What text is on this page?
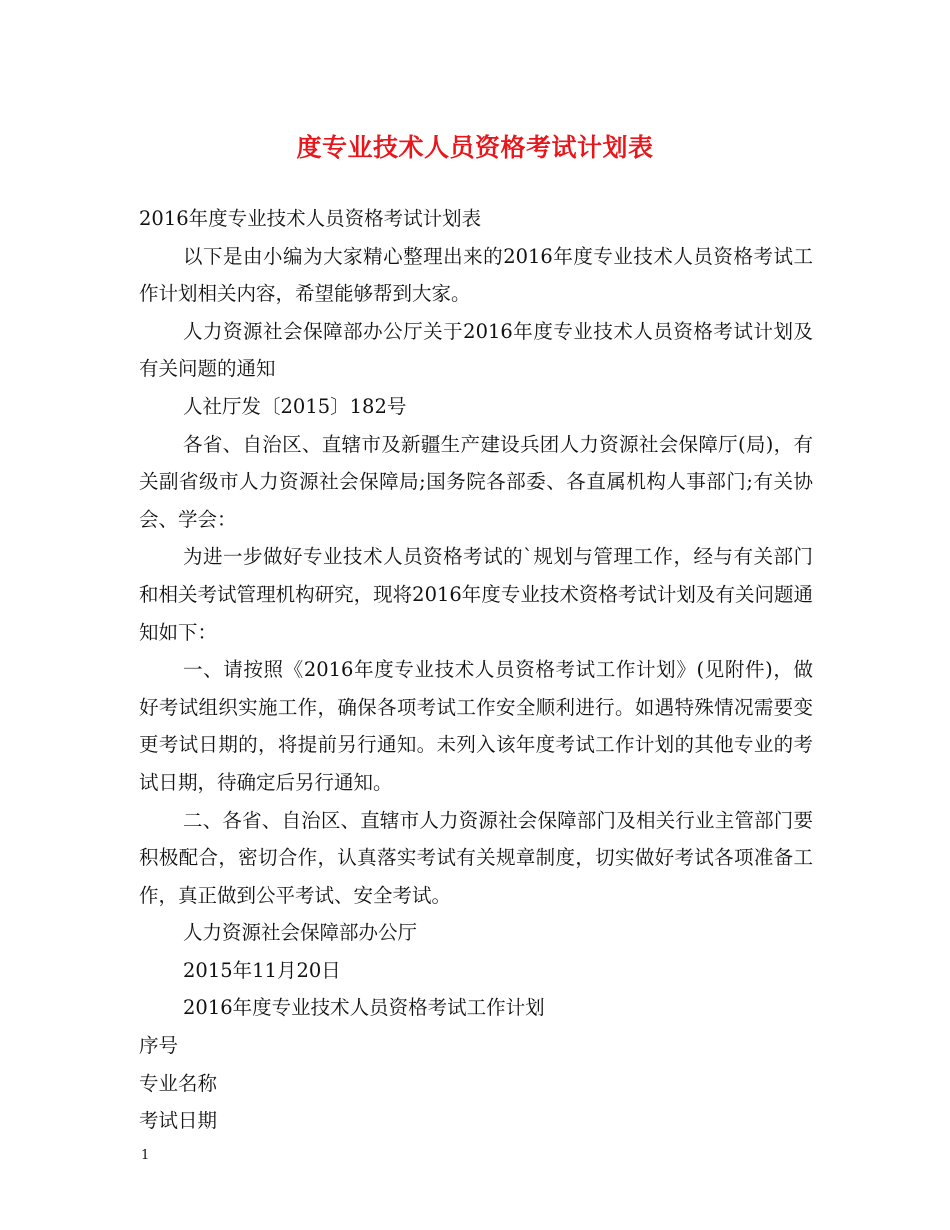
度专业技术人员资格考试计划表

2016年度专业技术人员资格考试计划表

以下是由小编为大家精心整理出来的2016年度专业技术人员资格考试工作计划相关内容，希望能够帮到大家。

人力资源社会保障部办公厅关于2016年度专业技术人员资格考试计划及有关问题的通知

人社厅发〔2015〕182号

各省、自治区、直辖市及新疆生产建设兵团人力资源社会保障厅(局)，有关副省级市人力资源社会保障局;国务院各部委、各直属机构人事部门;有关协会、学会：

为进一步做好专业技术人员资格考试的`规划与管理工作，经与有关部门和相关考试管理机构研究，现将2016年度专业技术资格考试计划及有关问题通知如下：

一、请按照《2016年度专业技术人员资格考试工作计划》(见附件)，做好考试组织实施工作，确保各项考试工作安全顺利进行。如遇特殊情况需要变更考试日期的，将提前另行通知。未列入该年度考试工作计划的其他专业的考试日期，待确定后另行通知。

二、各省、自治区、直辖市人力资源社会保障部门及相关行业主管部门要积极配合，密切合作，认真落实考试有关规章制度，切实做好考试各项准备工作，真正做到公平考试、安全考试。

人力资源社会保障部办公厅

2015年11月20日

2016年度专业技术人员资格考试工作计划

序号

专业名称

考试日期

1
